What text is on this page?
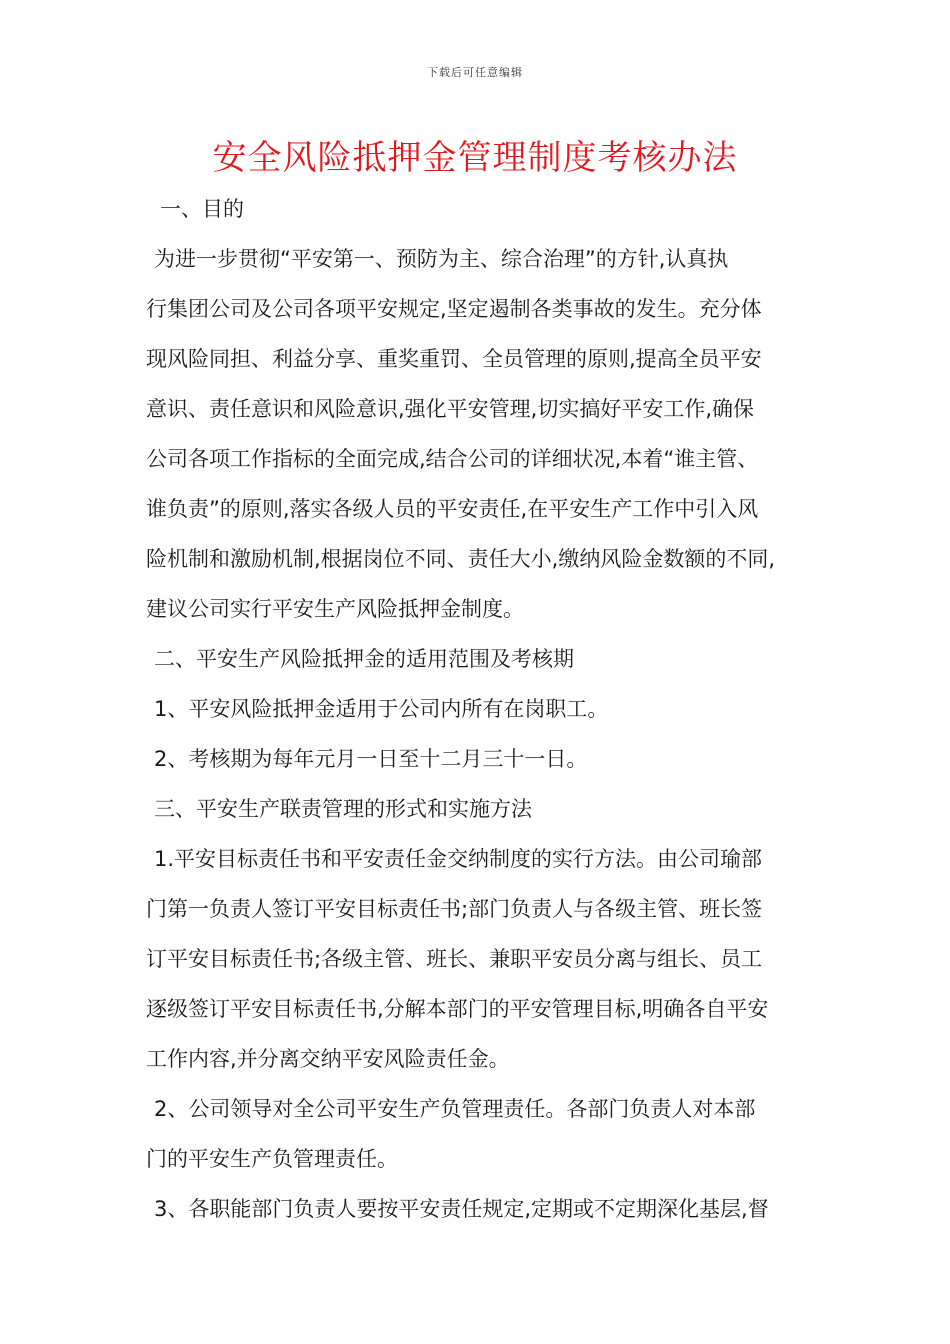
下载后可任意编辑
安全风险抵押金管理制度考核办法

一、目的

为进一步贯彻“平安第一、预防为主、综合治理”的方针,认真执

行集团公司及公司各项平安规定,坚定遏制各类事故的发生。充分体

现风险同担、利益分享、重奖重罚、全员管理的原则,提高全员平安

意识、责任意识和风险意识,强化平安管理,切实搞好平安工作,确保

公司各项工作指标的全面完成,结合公司的详细状况,本着“谁主管、

谁负责”的原则,落实各级人员的平安责任,在平安生产工作中引入风

险机制和激励机制,根据岗位不同、责任大小,缴纳风险金数额的不同,

建议公司实行平安生产风险抵押金制度。

二、平安生产风险抵押金的适用范围及考核期

1、平安风险抵押金适用于公司内所有在岗职工。

2、考核期为每年元月一日至十二月三十一日。

三、平安生产联责管理的形式和实施方法

1.平安目标责任书和平安责任金交纳制度的实行方法。由公司瑜部

门第一负责人签订平安目标责任书;部门负责人与各级主管、班长签

订平安目标责任书;各级主管、班长、兼职平安员分离与组长、员工

逐级签订平安目标责任书,分解本部门的平安管理目标,明确各自平安

工作内容,并分离交纳平安风险责任金。

2、公司领导对全公司平安生产负管理责任。各部门负责人对本部

门的平安生产负管理责任。

3、各职能部门负责人要按平安责任规定,定期或不定期深化基层,督
